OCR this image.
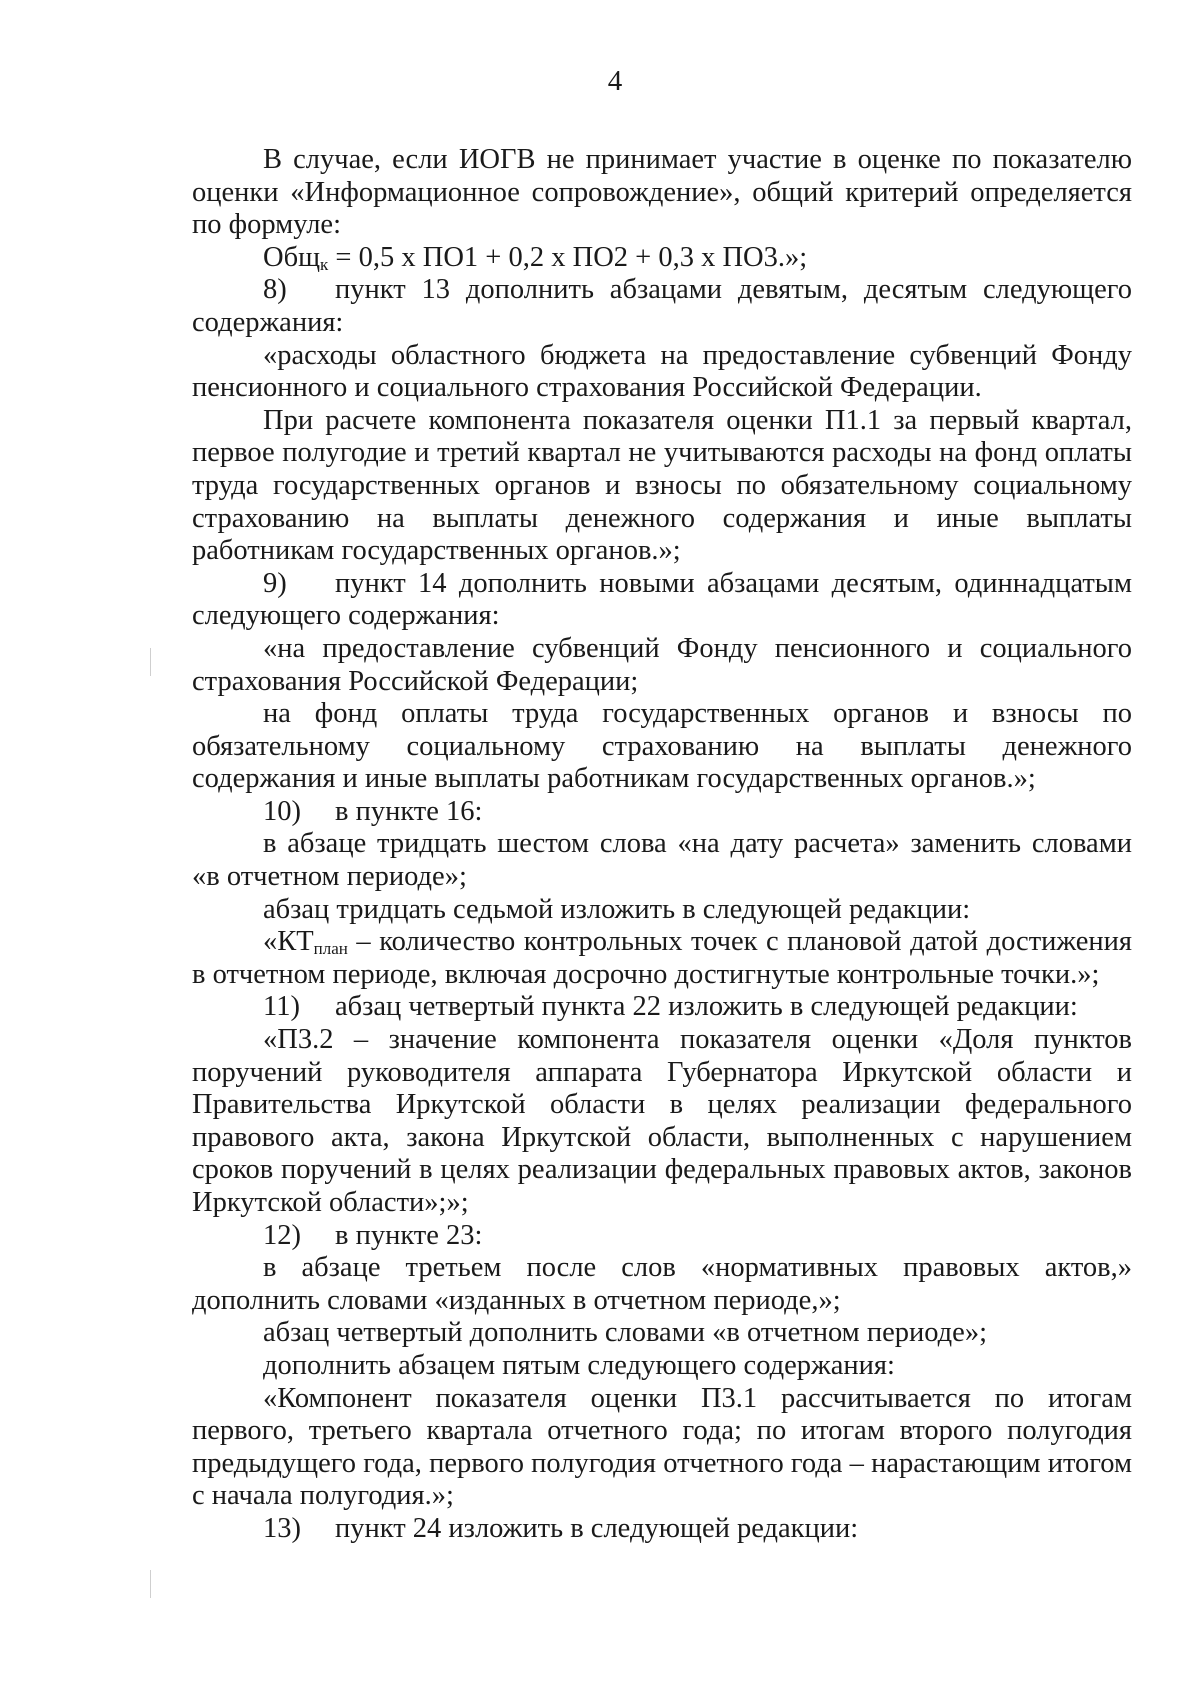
4

В случае, если ИОГВ не принимает участие в оценке по показателю оценки «Информационное сопровождение», общий критерий определяется по формуле:

Общ$_к$ = 0,5 х ПО1 + 0,2 х ПО2 + 0,3 х ПО3.»;

8) пункт 13 дополнить абзацами девятым, десятым следующего содержания:

«расходы областного бюджета на предоставление субвенций Фонду пенсионного и социального страхования Российской Федерации.

При расчете компонента показателя оценки П1.1 за первый квартал, первое полугодие и третий квартал не учитываются расходы на фонд оплаты труда государственных органов и взносы по обязательному социальному страхованию на выплаты денежного содержания и иные выплаты работникам государственных органов.»;

9) пункт 14 дополнить новыми абзацами десятым, одиннадцатым следующего содержания:

«на предоставление субвенций Фонду пенсионного и социального страхования Российской Федерации;

на фонд оплаты труда государственных органов и взносы по обязательному социальному страхованию на выплаты денежного содержания и иные выплаты работникам государственных органов.»;

10) в пункте 16:

в абзаце тридцать шестом слова «на дату расчета» заменить словами «в отчетном периоде»;

абзац тридцать седьмой изложить в следующей редакции:

«КТплан – количество контрольных точек с плановой датой достижения в отчетном периоде, включая досрочно достигнутые контрольные точки.»;

11) абзац четвертый пункта 22 изложить в следующей редакции:

«П3.2 – значение компонента показателя оценки «Доля пунктов поручений руководителя аппарата Губернатора Иркутской области и Правительства Иркутской области в целях реализации федерального правового акта, закона Иркутской области, выполненных с нарушением сроков поручений в целях реализации федеральных правовых актов, законов Иркутской области»;»;

12) в пункте 23:

в абзаце третьем после слов «нормативных правовых актов,» дополнить словами «изданных в отчетном периоде,»;

абзац четвертый дополнить словами «в отчетном периоде»;

дополнить абзацем пятым следующего содержания:

«Компонент показателя оценки П3.1 рассчитывается по итогам первого, третьего квартала отчетного года; по итогам второго полугодия предыдущего года, первого полугодия отчетного года – нарастающим итогом с начала полугодия.»;

13) пункт 24 изложить в следующей редакции:
